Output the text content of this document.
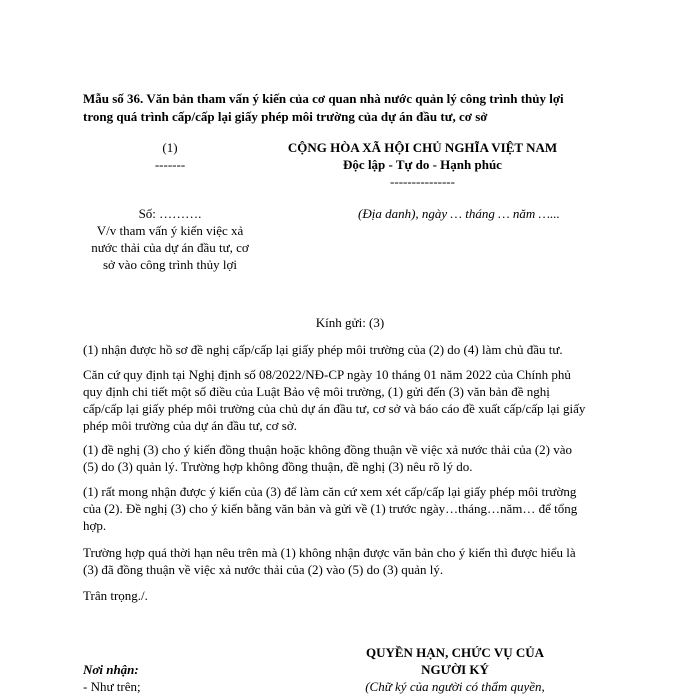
Mẫu số 36. Văn bản tham vấn ý kiến của cơ quan nhà nước quản lý công trình thủy lợi
trong quá trình cấp/cấp lại giấy phép môi trường của dự án đầu tư, cơ sở
(1)
-------
CỘNG HÒA XÃ HỘI CHỦ NGHĨA VIỆT NAM
Độc lập - Tự do - Hạnh phúc
---------------
Số: ……….
V/v tham vấn ý kiến việc xả
nước thải của dự án đầu tư, cơ
sở vào công trình thủy lợi
(Địa danh), ngày … tháng … năm …...
Kính gửi: (3)
(1) nhận được hồ sơ đề nghị cấp/cấp lại giấy phép môi trường của (2) do (4) làm chủ đầu tư.
Căn cứ quy định tại Nghị định số 08/2022/NĐ-CP ngày 10 tháng 01 năm 2022 của Chính phủ
quy định chi tiết một số điều của Luật Bảo vệ môi trường, (1) gửi đến (3) văn bản đề nghị
cấp/cấp lại giấy phép môi trường của chủ dự án đầu tư, cơ sở và báo cáo đề xuất cấp/cấp lại giấy
phép môi trường của dự án đầu tư, cơ sở.
(1) đề nghị (3) cho ý kiến đồng thuận hoặc không đồng thuận về việc xả nước thải của (2) vào
(5) do (3) quản lý. Trường hợp không đồng thuận, đề nghị (3) nêu rõ lý do.
(1) rất mong nhận được ý kiến của (3) để làm căn cứ xem xét cấp/cấp lại giấy phép môi trường
của (2). Đề nghị (3) cho ý kiến bằng văn bản và gửi về (1) trước ngày…tháng…năm… để tổng
hợp.
Trường hợp quá thời hạn nêu trên mà (1) không nhận được văn bản cho ý kiến thì được hiểu là
(3) đã đồng thuận về việc xả nước thải của (2) vào (5) do (3) quản lý.
Trân trọng./.
Nơi nhận:
- Như trên;
QUYỀN HẠN, CHỨC VỤ CỦA
NGƯỜI KÝ
(Chữ ký của người có thẩm quyền,
